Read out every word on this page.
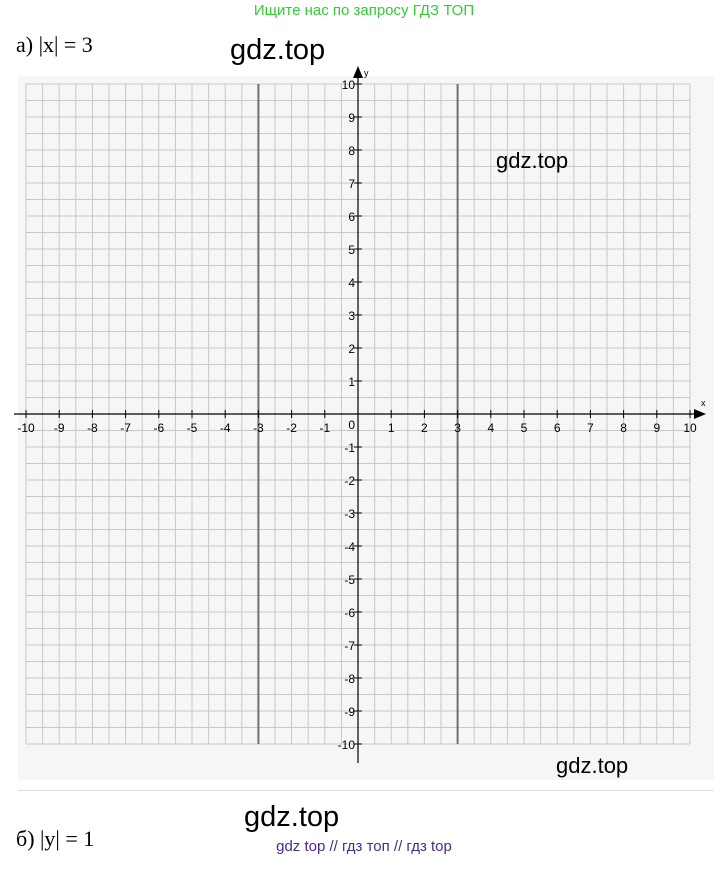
Ищите нас по запросу ГДЗ ТОП
а) |x| = 3
x
y
-10 -9 -8 -7 -6 -5 -4 -3 -2 -1	1 2 3 4 5 6 7 8 9 10
10
9
8
7
6
5
4
3
2
1
-1
-2
-3
-4
-5
-6
-7
-8
-9
-10
0
gdz.top
gdz.top
gdz.top
gdz.top
б) |y| = 1	gdz top // гдз топ // гдз top
